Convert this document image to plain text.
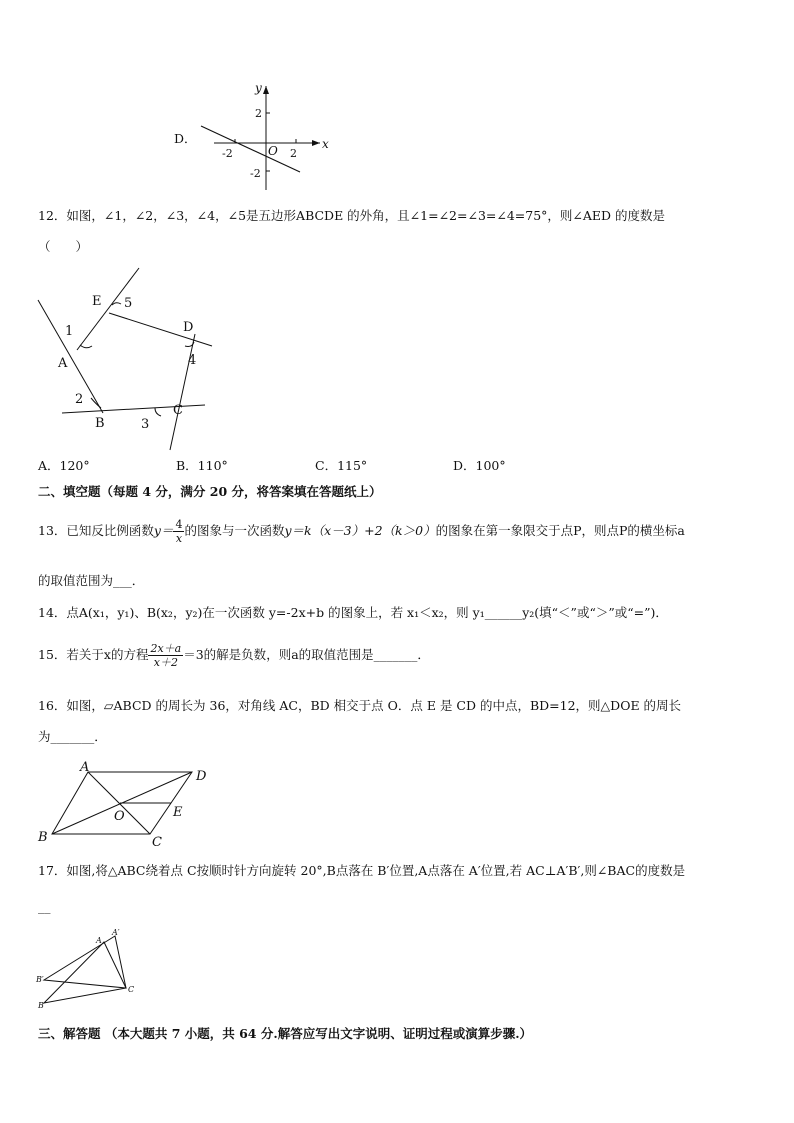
D．
y
x
O
2
-2	2
-2
12．如图，∠1，∠2，∠3，∠4，∠5是五边形ABCDE 的外角，且∠1=∠2=∠3=∠4=75°，则∠AED 的度数是
（　　）
A
B
C
D
E
1
2
3
4
5
A．120°	B．110°	C．115°	D．100°
二、填空题（每题 4 分，满分 20 分，将答案填在答题纸上）
13．已知反比例函数$y= \frac{4}{x}$ 的图象与一次函数y＝k（x－3）+2（k＞0）的图象在第一象限交于点P，则点P的横坐标a
的取值范围为___．
14．点A(x₁，y₁)、B(x₂，y₂)在一次函数 y=-2x+b 的图象上，若 x₁＜x₂，则 y₁______y₂(填“＜”或“＞”或“=”)．
15．若关于x的方程 $\frac{2x+a}{x+2} =3$的解是负数，则a的取值范围是_______．
16．如图，▱ABCD 的周长为 36，对角线 AC，BD 相交于点 O．点 E 是 CD 的中点，BD=12，则△DOE 的周长
为_______．
A
B	C
D
O	E
17．如图,将△ABC绕着点 C按顺时针方向旋转 20°,B点落在 B′位置,A点落在 A′位置,若 AC⊥A′B′,则∠BAC的度数是
__
A
A′
B′
B
C
三、解答题 （本大题共 7 小题，共 64 分.解答应写出文字说明、证明过程或演算步骤.）
